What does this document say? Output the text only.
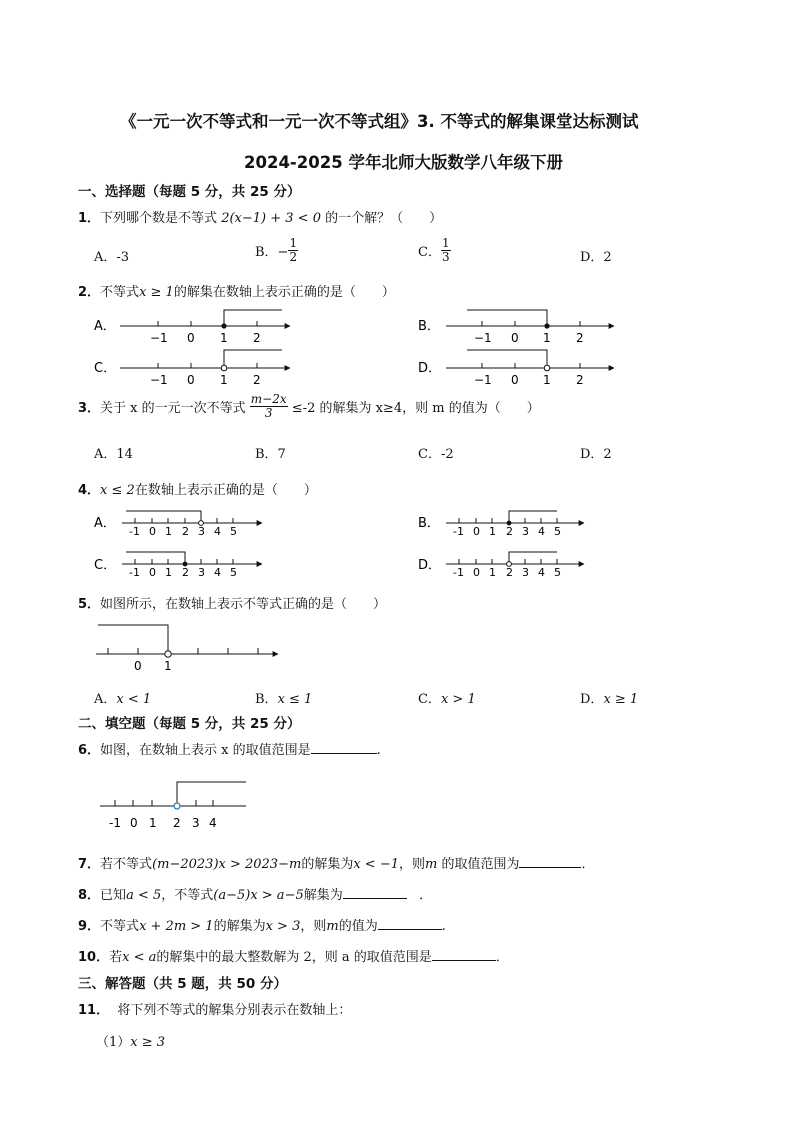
《一元一次不等式和一元一次不等式组》3. 不等式的解集课堂达标测试
2024-2025 学年北师大版数学八年级下册
一、选择题（每题 5 分，共 25 分）
1．下列哪个数是不等式 2(x−1) + 3 < 0 的一个解？（　　）
A．-3	B．− $\frac{1}{2}$	C． $\frac{1}{3}$	D．2
2．不等式x ≥ 1的解集在数轴上表示正确的是（　　）
A．
−1 0 1 2
B．
−1 0 1 2
C．
−1 0 1 2
D．
−1 0 1 2
3．关于 x 的一元一次不等式 $\frac{m-2x}{3} \le-2$ 的解集为 x≥4，则 m 的值为（　　）
A．14	B．7	C．-2	D．2
4．x ≤ 2在数轴上表示正确的是（　　）
A．
-1 0 1 2 3 4 5
B．
-1 0 1 2 3 4 5
C． -1 0 1 2 3 4 5	D． -1 0 1 2 3 4 5
5．如图所示，在数轴上表示不等式正确的是（　　）
0 1
A．x < 1	B．x ≤ 1	C．x > 1	D．x ≥ 1
二、填空题（每题 5 分，共 25 分）
6．如图，在数轴上表示 x 的取值范围是	.
-1 0 1 2 3 4
7．若不等式(m−2023)x > 2023−m的解集为x < −1，则m 的取值范围为	．
8．已知a < 5，不等式(a−5)x > a−5解集为	．
9．不等式x + 2m > 1的解集为x > 3，则m的值为	.
10．若x < a的解集中的最大整数解为 2，则 a 的取值范围是	．
三、解答题（共 5 题，共 50 分）
11． 将下列不等式的解集分别表示在数轴上：
（1）x ≥ 3
